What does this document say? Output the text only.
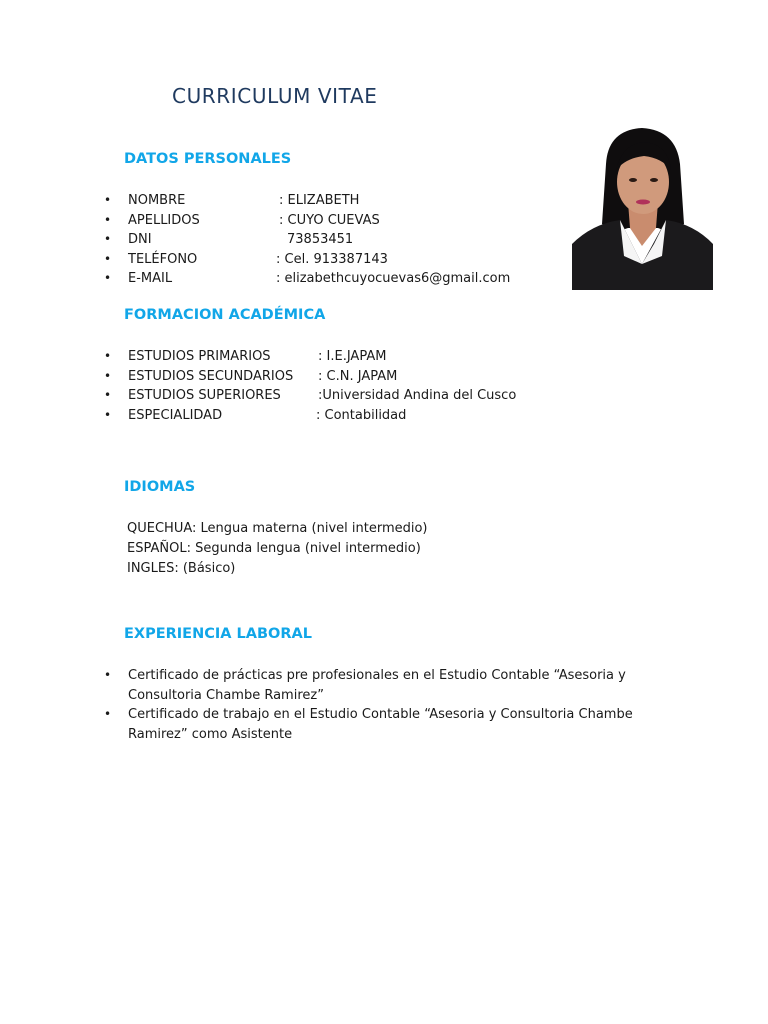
CURRICULUM VITAE
DATOS PERSONALES
• NOMBRE	: ELIZABETH
• APELLIDOS	: CUYO CUEVAS
• DNI	73853451
• TELÉFONO	: Cel. 913387143
• E-MAIL	: elizabethcuyocuevas6@gmail.com
FORMACION ACADÉMICA
• ESTUDIOS PRIMARIOS	: I.E.JAPAM
• ESTUDIOS SECUNDARIOS : C.N. JAPAM
• ESTUDIOS SUPERIORES	:Universidad Andina del Cusco
• ESPECIALIDAD	: Contabilidad
IDIOMAS
QUECHUA: Lengua materna (nivel intermedio)
ESPAÑOL: Segunda lengua (nivel intermedio)
INGLES: (Básico)
EXPERIENCIA LABORAL
• Certificado de prácticas pre profesionales en el Estudio Contable “Asesoria y Consultoria Chambe Ramirez”
• Certificado de trabajo en el Estudio Contable “Asesoria y Consultoria Chambe Ramirez” como Asistente
